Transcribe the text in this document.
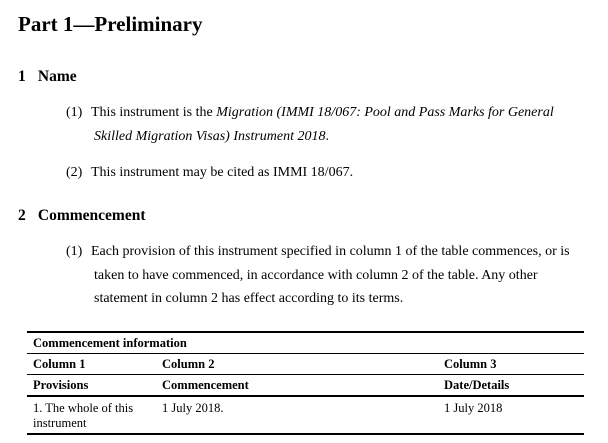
Part 1—Preliminary
1 Name

(1) This instrument is the Migration (IMMI 18/067: Pool and Pass Marks for General
Skilled Migration Visas) Instrument 2018.

(2) This instrument may be cited as IMMI 18/067.

2 Commencement

(1) Each provision of this instrument specified in column 1 of the table commences, or is
taken to have commenced, in accordance with column 2 of the table. Any other
statement in column 2 has effect according to its terms.

Commencement information		
Column 1	Column 2	Column 3
Provisions	Commencement	Date/Details
1. The whole of this instrument	1 July 2018.	1 July 2018
